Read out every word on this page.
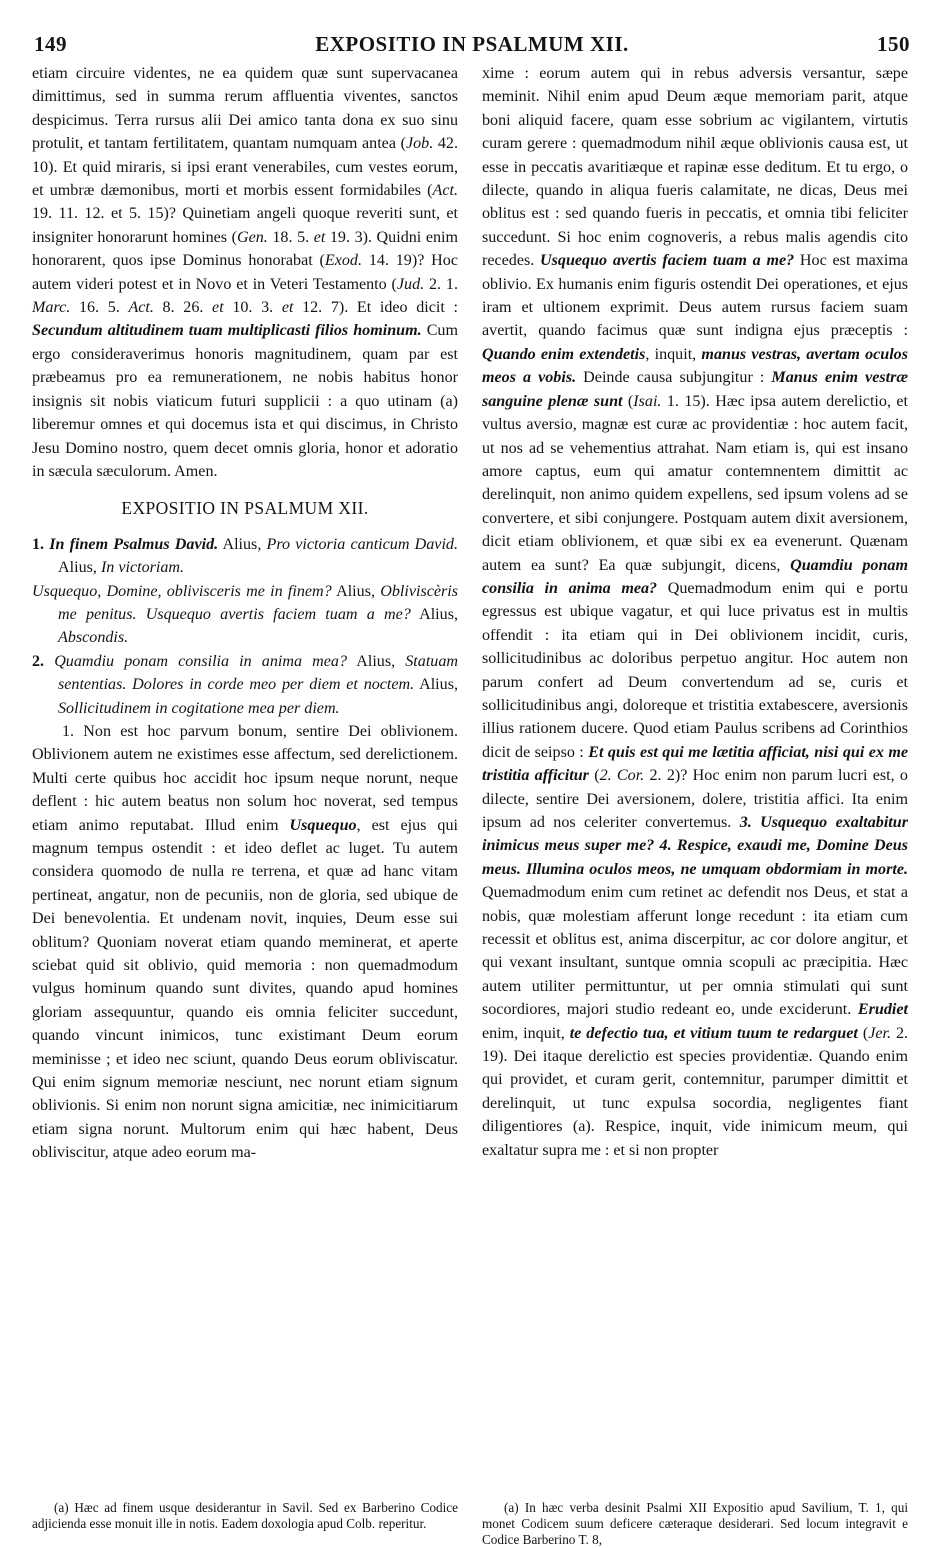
149	EXPOSITIO IN PSALMUM XII.	150

etiam circuire videntes, ne ea quidem quæ sunt supervacanea dimittimus, sed in summa rerum affluentia viventes, sanctos despicimus. Terra rursus alii Dei amico tanta dona ex suo sinu protulit, et tantam fertilitatem, quantam numquam antea (Job. 42. 10). Et quid miraris, si ipsi erant venerabiles, cum vestes eorum, et umbræ dæmonibus, morti et morbis essent formidabiles (Act. 19. 11. 12. et 5. 15)? Quinetiam angeli quoque reveriti sunt, et insigniter honorarunt homines (Gen. 18. 5. et 19. 3). Quidni enim honorarent, quos ipse Dominus honorabat (Exod. 14. 19)? Hoc autem videri potest et in Novo et in Veteri Testamento (Jud. 2. 1. Marc. 16. 5. Act. 8. 26. et 10. 3. et 12. 7). Et ideo dicit : Secundum altitudinem tuam multiplicasti filios hominum. Cum ergo consideraverimus honoris magnitudinem, quam par est præbeamus pro ea remunerationem, ne nobis habitus honor insignis sit nobis viaticum futuri supplicii : a quo utinam (a) liberemur omnes et qui docemus ista et qui discimus, in Christo Jesu Domino nostro, quem decet omnis gloria, honor et adoratio in sæcula sæculorum. Amen.

EXPOSITIO IN PSALMUM XII.

1. In finem Psalmus David. Alius, Pro victoria canticum David. Alius, In victoriam.

Usquequo, Domine, oblivisceris me in finem? Alius, Obliviscèris me penitus. Usquequo avertis faciem tuam a me? Alius, Abscondis.

2. Quamdiu ponam consilia in anima mea? Alius, Statuam sententias. Dolores in corde meo per diem et noctem. Alius, Sollicitudinem in cogitatione mea per diem.

1. Non est hoc parvum bonum, sentire Dei oblivionem. Oblivionem autem ne existimes esse affectum, sed derelictionem. Multi certe quibus hoc accidit hoc ipsum neque norunt, neque deflent : hic autem beatus non solum hoc noverat, sed tempus etiam animo reputabat. Illud enim Usquequo, est ejus qui magnum tempus ostendit : et ideo deflet ac luget. Tu autem considera quomodo de nulla re terrena, et quæ ad hanc vitam pertineat, angatur, non de pecuniis, non de gloria, sed ubique de Dei benevolentia. Et undenam novit, inquies, Deum esse sui oblitum? Quoniam noverat etiam quando meminerat, et aperte sciebat quid sit oblivio, quid memoria : non quemadmodum vulgus hominum quando sunt divites, quando apud homines gloriam assequuntur, quando eis omnia feliciter succedunt, quando vincunt inimicos, tunc existimant Deum eorum meminisse ; et ideo nec sciunt, quando Deus eorum obliviscatur. Qui enim signum memoriæ nesciunt, nec norunt etiam signum oblivionis. Si enim non norunt signa amicitiæ, nec inimicitiarum etiam signa norunt. Multorum enim qui hæc habent, Deus obliviscitur, atque adeo eorum ma-

xime : eorum autem qui in rebus adversis versantur, sæpe meminit. Nihil enim apud Deum æque memoriam parit, atque boni aliquid facere, quam esse sobrium ac vigilantem, virtutis curam gerere : quemadmodum nihil æque oblivionis causa est, ut esse in peccatis avaritiæque et rapinæ esse deditum. Et tu ergo, o dilecte, quando in aliqua fueris calamitate, ne dicas, Deus mei oblitus est : sed quando fueris in peccatis, et omnia tibi feliciter succedunt. Si hoc enim cognoveris, a rebus malis agendis cito recedes. Usquequo avertis faciem tuam a me? Hoc est maxima oblivio. Ex humanis enim figuris ostendit Dei operationes, et ejus iram et ultionem exprimit. Deus autem rursus faciem suam avertit, quando facimus quæ sunt indigna ejus præceptis : Quando enim extendetis, inquit, manus vestras, avertam oculos meos a vobis. Deinde causa subjungitur : Manus enim vestræ sanguine plenæ sunt (Isai. 1. 15). Hæc ipsa autem derelictio, et vultus aversio, magnæ est curæ ac providentiæ : hoc autem facit, ut nos ad se vehementius attrahat. Nam etiam is, qui est insano amore captus, eum qui amatur contemnentem dimittit ac derelinquit, non animo quidem expellens, sed ipsum volens ad se convertere, et sibi conjungere. Postquam autem dixit aversionem, dicit etiam oblivionem, et quæ sibi ex ea evenerunt. Quænam autem ea sunt? Ea quæ subjungit, dicens, Quamdiu ponam consilia in anima mea? Quemadmodum enim qui e portu egressus est ubique vagatur, et qui luce privatus est in multis offendit : ita etiam qui in Dei oblivionem incidit, curis, sollicitudinibus ac doloribus perpetuo angitur. Hoc autem non parum confert ad Deum convertendum ad se, curis et sollicitudinibus angi, doloreque et tristitia extabescere, aversionis illius rationem ducere. Quod etiam Paulus scribens ad Corinthios dicit de seipso : Et quis est qui me lætitia afficiat, nisi qui ex me tristitia afficitur (2. Cor. 2. 2)? Hoc enim non parum lucri est, o dilecte, sentire Dei aversionem, dolere, tristitia affici. Ita enim ipsum ad nos celeriter convertemus. 3. Usquequo exaltabitur inimicus meus super me? 4. Respice, exaudi me, Domine Deus meus. Illumina oculos meos, ne umquam obdormiam in morte. Quemadmodum enim cum retinet ac defendit nos Deus, et stat a nobis, quæ molestiam afferunt longe recedunt : ita etiam cum recessit et oblitus est, anima discerpitur, ac cor dolore angitur, et qui vexant insultant, suntque omnia scopuli ac præcipitia. Hæc autem utiliter permittuntur, ut per omnia stimulati qui sunt socordiores, majori studio redeant eo, unde exciderunt. Erudiet enim, inquit, te defectio tua, et vitium tuum te redarguet (Jer. 2. 19). Dei itaque derelictio est species providentiæ. Quando enim qui providet, et curam gerit, contemnitur, parumper dimittit et derelinquit, ut tunc expulsa socordia, negligentes fiant diligentiores (a). Respice, inquit, vide inimicum meum, qui exaltatur supra me : et si non propter

(a) Hæc ad finem usque desiderantur in Savil. Sed ex Barberino Codice adjicienda esse monuit ille in notis. Eadem doxologia apud Colb. reperitur.

(a) In hæc verba desinit Psalmi XII Expositio apud Savilium, T. 1, qui monet Codicem suum deficere cæteraque desiderari. Sed locum integravit e Codice Barberino T. 8,
